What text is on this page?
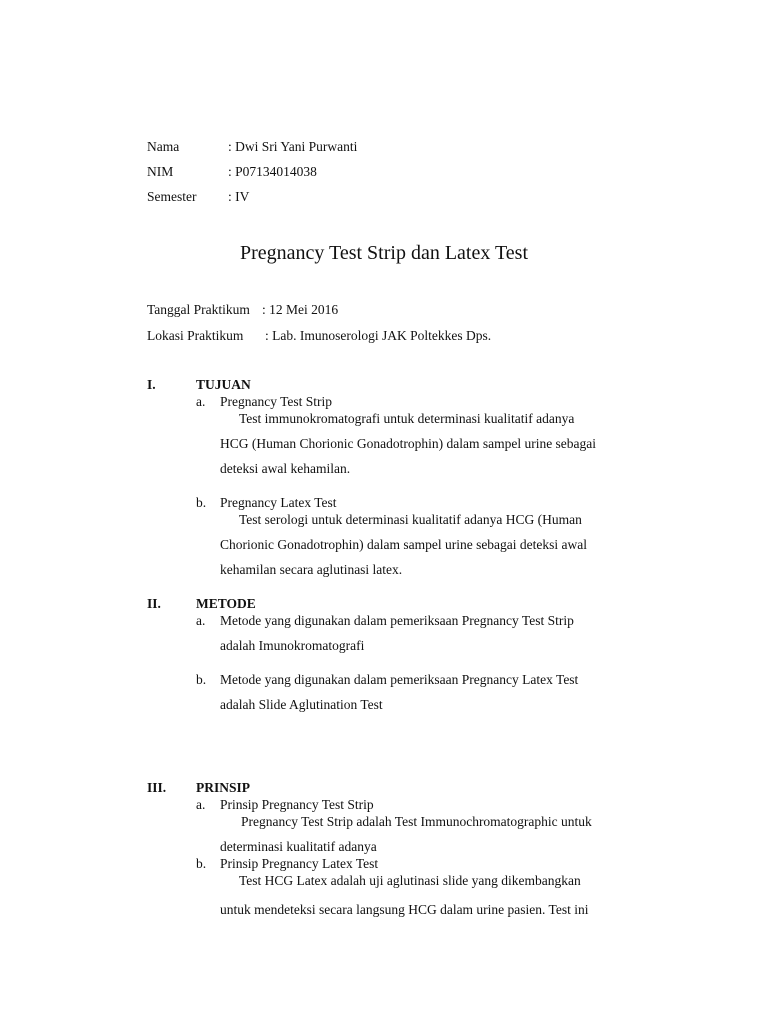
Nama	: Dwi Sri Yani Purwanti
NIM	: P07134014038
Semester : IV
Pregnancy Test Strip dan Latex Test
Tanggal Praktikum : 12 Mei 2016
Lokasi Praktikum : Lab. Imunoserologi JAK Poltekkes Dps.
I.	TUJUAN
a. Pregnancy Test Strip
Test immunokromatografi untuk determinasi kualitatif adanya
HCG (Human Chorionic Gonadotrophin) dalam sampel urine sebagai
deteksi awal kehamilan.
b. Pregnancy Latex Test
Test serologi untuk determinasi kualitatif adanya HCG (Human
Chorionic Gonadotrophin) dalam sampel urine sebagai deteksi awal
kehamilan secara aglutinasi latex.
II.	METODE
a. Metode yang digunakan dalam pemeriksaan Pregnancy Test Strip
adalah Imunokromatografi
b. Metode yang digunakan dalam pemeriksaan Pregnancy Latex Test
adalah Slide Aglutination Test
III. PRINSIP
a. Prinsip Pregnancy Test Strip
Pregnancy Test Strip adalah Test Immunochromatographic untuk
determinasi kualitatif adanya
b. Prinsip Pregnancy Latex Test
Test HCG Latex adalah uji aglutinasi slide yang dikembangkan
untuk mendeteksi secara langsung HCG dalam urine pasien. Test ini
